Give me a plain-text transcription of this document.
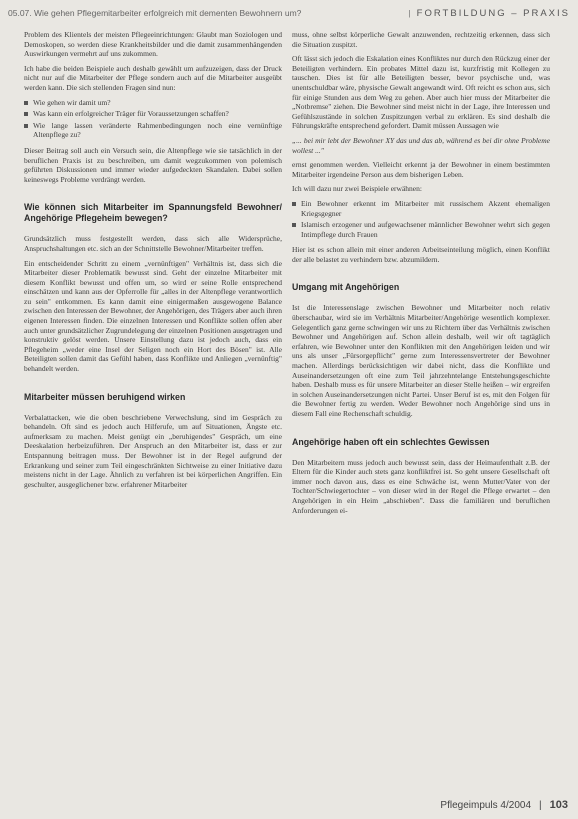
05.07. Wie gehen Pflegemitarbeiter erfolgreich mit dementen Bewohnern um?	| FORTBILDUNG – PRAXIS

Problem des Klientels der meisten Pflegeeinrichtungen: Glaubt man Soziologen und Demoskopen, so werden diese Krankheitsbilder und die damit zusammenhängenden Auswirkungen vermehrt auf uns zukommen.

Ich habe die beiden Beispiele auch deshalb gewählt um aufzuzeigen, dass der Druck nicht nur auf die Mitarbeiter der Pflege sondern auch auf die Mitarbeiter ausgeübt werden kann. Die sich stellenden Fragen sind nun:

Wie gehen wir damit um?
Was kann ein erfolgreicher Träger für Voraussetzungen schaffen?
Wie lange lassen veränderte Rahmenbedingungen noch eine vernünftige Altenpflege zu?

Dieser Beitrag soll auch ein Versuch sein, die Altenpflege wie sie tatsächlich in der beruflichen Praxis ist zu beschreiben, um damit wegzukommen von polemisch geführten Diskussionen und immer wieder aufgedeckten Skandalen. Dabei sollen keineswegs Probleme verdrängt werden.

Wie können sich Mitarbeiter im Spannungsfeld Bewohner/ Angehörige Pflegeheim bewegen?

Grundsätzlich muss festgestellt werden, dass sich alle Widersprüche, Anspruchshaltungen etc. sich an der Schnittstelle Bewohner/Mitarbeiter treffen.

Ein entscheidender Schritt zu einem „vernünftigen" Verhältnis ist, dass sich die Mitarbeiter dieser Problematik bewusst sind. Geht der einzelne Mitarbeiter mit diesem Konflikt bewusst und offen um, so wird er seine Rolle entsprechend einschätzen und kann aus der Opferrolle für „alles in der Altenpflege verantwortlich zu sein" entkommen. Es kann damit eine einigermaßen ausgewogene Balance zwischen den Interessen der Bewohner, der Angehörigen, des Trägers aber auch ihren eigenen Interessen finden. Die einzelnen Interessen und Konflikte sollen offen aber auch unter grundsätzlicher Zugrundelegung der einzelnen Positionen ausgetragen und konstruktiv gelöst werden. Unsere Einstellung dazu ist jedoch auch, dass ein Pflegeheim „weder eine Insel der Seligen noch ein Hort des Bösen" ist. Alle Beteiligten sollen damit das Gefühl haben, dass Konflikte und Anliegen „vernünftig" behandelt werden.

Mitarbeiter müssen beruhigend wirken

Verbalattacken, wie die oben beschriebene Verwechslung, sind im Gespräch zu behandeln. Oft sind es jedoch auch Hilferufe, um auf Situationen, Ängste etc. aufmerksam zu machen. Meist genügt ein „beruhigendes" Gespräch, um eine Deeskalation herbeizuführen. Der Anspruch an den Mitarbeiter ist, dass er zur Entspannung beitragen muss. Der Bewohner ist in der Regel aufgrund der Erkrankung und seiner zum Teil eingeschränkten Sichtweise zu einer Initiative dazu meistens nicht in der Lage. Ähnlich zu verfahren ist bei körperlichen Angriffen. Ein geschulter, ausgeglichener bzw. erfahrener Mitarbeiter

muss, ohne selbst körperliche Gewalt anzuwenden, rechtzeitig erkennen, dass sich die Situation zuspitzt.

Oft lässt sich jedoch die Eskalation eines Konfliktes nur durch den Rückzug einer der Beteiligten verhindern. Ein probates Mittel dazu ist, kurzfristig mit Kollegen zu tauschen. Dies ist für alle Beteiligten besser, bevor psychische und, was unentschuldbar wäre, physische Gewalt angewandt wird. Oft reicht es schon aus, sich für einige Stunden aus dem Weg zu gehen. Aber auch hier muss der Mitarbeiter die „Notbremse" ziehen. Die Bewohner sind meist nicht in der Lage, ihre Interessen und Gefühlszustände in solchen Zuspitzungen verbal zu erklären. Es sind deshalb die Führungskräfte entsprechend gefordert. Damit müssen Aussagen wie

„... bei mir lebt der Bewohner XY das und das ab, während es bei dir ohne Probleme wollest ..."

ernst genommen werden. Vielleicht erkennt ja der Bewohner in einem bestimmten Mitarbeiter irgendeine Person aus dem bisherigen Leben.

Ich will dazu nur zwei Beispiele erwähnen:

Ein Bewohner erkennt im Mitarbeiter mit russischem Akzent ehemaligen Kriegsgegner
Islamisch erzogener und aufgewachsener männlicher Bewohner wehrt sich gegen Intimpflege durch Frauen

Hier ist es schon allein mit einer anderen Arbeitseinteilung möglich, einen Konflikt der alle belastet zu verhindern bzw. abzumildern.

Umgang mit Angehörigen

Ist die Interessenslage zwischen Bewohner und Mitarbeiter noch relativ überschaubar, wird sie im Verhältnis Mitarbeiter/Angehörige wesentlich komplexer. Gelegentlich ganz gerne schwingen wir uns zu Richtern über das Verhältnis zwischen Bewohner und Angehörigen auf. Schon allein deshalb, weil wir oft tagtäglich erfahren, wie Bewohner unter den Konflikten mit den Angehörigen leiden und wir uns als unser „Fürsorgepflicht" gerne zum Interessensvertreter der Bewohner machen. Allerdings berücksichtigen wir dabei nicht, dass die Konflikte und Auseinandersetzungen oft eine zum Teil jahrzehntelange Entstehungsgeschichte haben. Deshalb muss es für unsere Mitarbeiter an dieser Stelle heißen – wir ergreifen in solchen Auseinandersetzungen nicht Partei. Unser Beruf ist es, mit den Folgen für die Bewohner fertig zu werden. Weder Bewohner noch Angehörige sind uns in diesem Fall eine Rechenschaft schuldig.

Angehörige haben oft ein schlechtes Gewissen

Den Mitarbeitern muss jedoch auch bewusst sein, dass der Heimaufenthalt z.B. der Eltern für die Kinder auch stets ganz konfliktfrei ist. So geht unsere Gesellschaft oft immer noch davon aus, dass es eine Schwäche ist, wenn Mutter/Vater von der Tochter/Schwiegertochter – von dieser wird in der Regel die Pflege erwartet – den Angehörigen in ein Heim „abschieben". Dass die familiären und beruflichen Anforderungen ei-

Pflegeimpuls 4/2004 | 103
